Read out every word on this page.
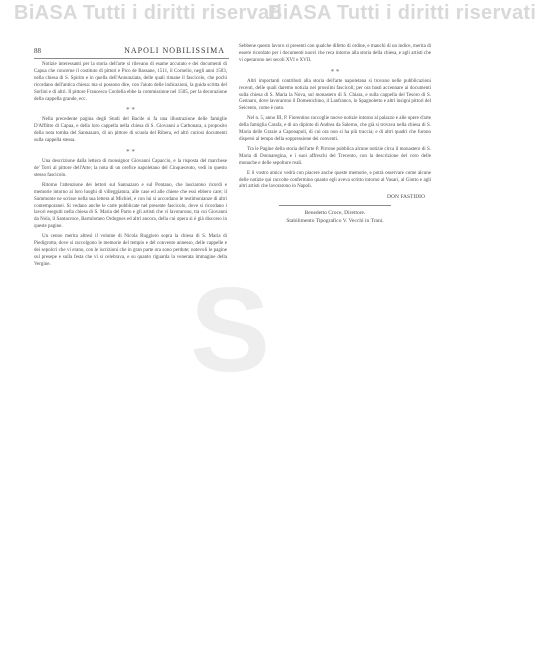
BiASA Tutti i diritti riservati
BiASA Tutti i diritti riservati
S
88	NAPOLI NOBILISSIMA

Notizie interessanti per la storia dell'arte si rilevano di esame accurato e dei documenti di Capua che concerne il costituto di pittori e Pico de Bassane, 1511, il Cornelio, negli anni 1503, nella chiesa di S. Spirito e in quella dell'Annunziata, delle quali rimane il fascicolo, che pochi ricordano dell'antica chiesa: ma si possono dire, con l'aiuto delle indicazioni, la guida scritta del Sorlini e di altri. Il pittore Francesco Cordella ebbe la commissione nel 1505, per la decorazione della cappella grande, ecc.

* *

Nella precedente pagina degli Studi del Bacile si fa una illustrazione delle famiglie D'Afflitto di Capua, e della loro cappella nella chiesa di S. Giovanni a Carbonara, a proposito della nota tomba del Sannazaro, di un pittore di scuola del Ribera, ed altri curiosi documenti sulla cappella stessa.

* *

Una descrizione dalla lettera di monsignor Giovanni Capaccio, e la risposta del marchese de' Torri al pittore dell'Arte; la nota di un orefice napoletano del Cinquecento, vedi in questo stesso fascicolo.

Ritorno l'attenzione dei lettori sul Sannazaro e sul Pontano, che lasciarono ricordi e memorie intorno ai loro luoghi di villeggiatura, alle case ed alle chiese che essi ebbero care; il Summonte ne scrisse nella sua lettera al Michiel, e con lui si accordano le testimonianze di altri contemporanei. Si vedano anche le carte pubblicate nel presente fascicolo, dove si ricordano i lavori eseguiti nella chiesa di S. Maria del Parto e gli artisti che vi lavorarono, tra cui Giovanni da Nola, il Santacroce, Bartolomeo Ordognes ed altri ancora, della cui opera si è già discorso in queste pagine.

Un cenno merita altresì il volume di Nicola Ruggiero sopra la chiesa di S. Maria di Piedigrotta, dove si raccolgono le memorie del tempio e del convento annesso, delle cappelle e dei sepolcri che vi erano, con le iscrizioni che in gran parte ora sono perdute; notevoli le pagine sul presepe e sulla festa che vi si celebrava, e su quanto riguarda la venerata immagine della Vergine.

Sebbene questo lavoro si presenti con qualche difetto di ordine, e manchi di un indice, merita di essere ricordato per i documenti nuovi che reca intorno alla storia della chiesa, e agli artisti che vi operarono nei secoli XVI e XVII.

* *

Altri importanti contributi alla storia dell'arte napoletana si trovano nelle pubblicazioni recenti, delle quali daremo notizia nei prossimi fascicoli; per ora basti accennare ai documenti sulla chiesa di S. Maria la Nova, sul monastero di S. Chiara, e sulla cappella del Tesoro di S. Gennaro, dove lavorarono il Domenichino, il Lanfranco, lo Spagnoletto e altri insigni pittori del Seicento, come è noto.

Nel n. 5, anno III, P. Fiorentino raccoglie nuove notizie intorno al palazzo e alle opere d'arte della famiglia Carafa, e di un dipinto di Andrea da Salerno, che già si trovava nella chiesa di S. Maria delle Grazie a Caponapoli, di cui ora non si ha più traccia; e di altri quadri che furono dispersi al tempo della soppressione dei conventi.

Tra le Pagine della storia dell'arte P. Pirrone pubblica alcune notizie circa il monastero di S. Maria di Donnaregina, e i suoi affreschi del Trecento, con la descrizione del coro delle monache e delle sepolture reali.

E il vostro amico vedrà con piacere anche queste memorie, e potrà osservare come alcune delle notizie qui raccolte confermino quanto egli aveva scritto intorno al Vasari, al Giotto e agli altri artisti che lavorarono in Napoli.

DON FASTIDIO
Benedetto Croce, Direttore.
Stabilimento Tipografico V. Vecchi in Trani.
